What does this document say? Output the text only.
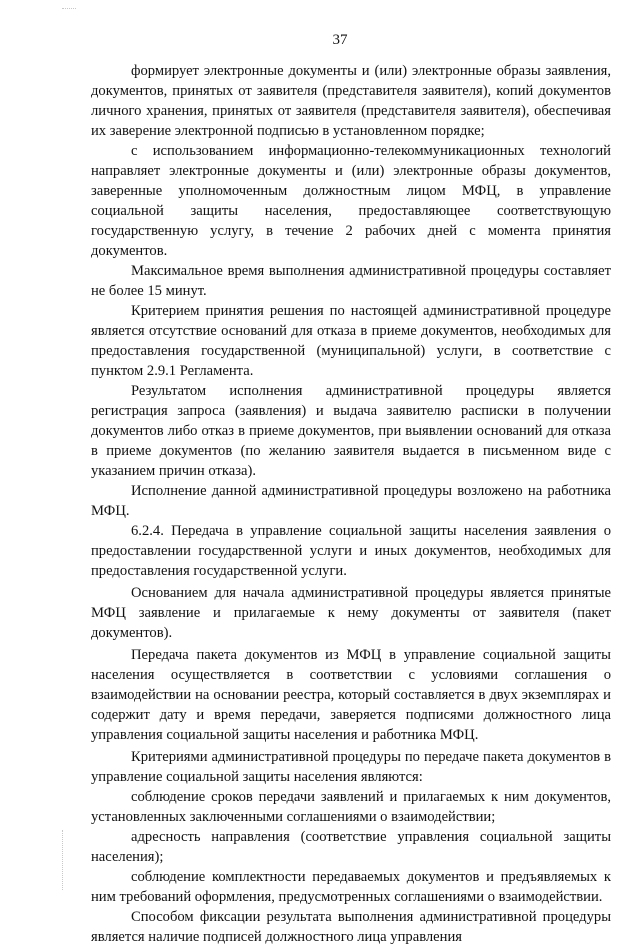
37

формирует электронные документы и (или) электронные образы заявления, документов, принятых от заявителя (представителя заявителя), копий документов личного хранения, принятых от заявителя (представителя заявителя), обеспечивая их заверение электронной подписью в установленном порядке;

с использованием информационно-телекоммуникационных технологий направляет электронные документы и (или) электронные образы документов, заверенные уполномоченным должностным лицом МФЦ, в управление социальной защиты населения, предоставляющее соответствующую государственную услугу, в течение 2 рабочих дней с момента принятия документов.

Максимальное время выполнения административной процедуры составляет не более 15 минут.

Критерием принятия решения по настоящей административной процедуре является отсутствие оснований для отказа в приеме документов, необходимых для предоставления государственной (муниципальной) услуги, в соответствие с пунктом 2.9.1 Регламента.

Результатом исполнения административной процедуры является регистрация запроса (заявления) и выдача заявителю расписки в получении документов либо отказ в приеме документов, при выявлении оснований для отказа в приеме документов (по желанию заявителя выдается в письменном виде с указанием причин отказа).

Исполнение данной административной процедуры возложено на работника МФЦ.

6.2.4. Передача в управление социальной защиты населения заявления о предоставлении государственной услуги и иных документов, необходимых для предоставления государственной услуги.

Основанием для начала административной процедуры является принятые МФЦ заявление и прилагаемые к нему документы от заявителя (пакет документов).

Передача пакета документов из МФЦ в управление социальной защиты населения осуществляется в соответствии с условиями соглашения о взаимодействии на основании реестра, который составляется в двух экземплярах и содержит дату и время передачи, заверяется подписями должностного лица управления социальной защиты населения и работника МФЦ.

Критериями административной процедуры по передаче пакета документов в управление социальной защиты населения являются:

соблюдение сроков передачи заявлений и прилагаемых к ним документов, установленных заключенными соглашениями о взаимодействии;

адресность направления (соответствие управления социальной защиты населения);

соблюдение комплектности передаваемых документов и предъявляемых к ним требований оформления, предусмотренных соглашениями о взаимодействии.

Способом фиксации результата выполнения административной процедуры является наличие подписей должностного лица управления
